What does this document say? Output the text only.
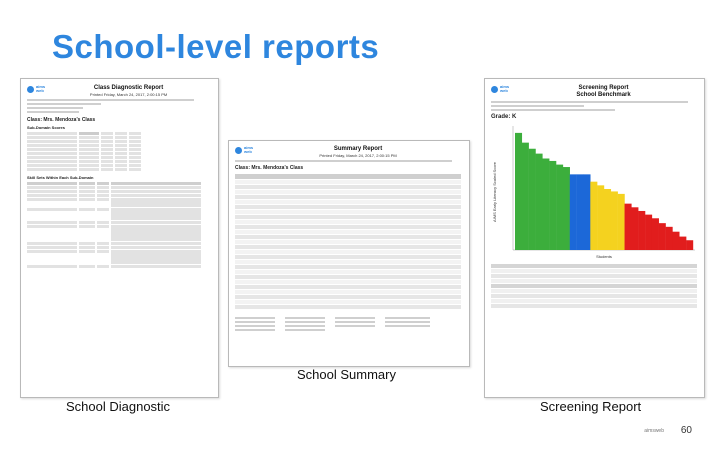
School-level reports
aims
web	Class Diagnostic Report
Printed Friday, March 24, 2017, 2:00:15 PM
Class: Mrs. Mendoza's Class
Sub-Domain Scores
Skill Sets Within Each Sub-Domain
School Diagnostic
aims
web	Summary Report
Printed Friday, March 24, 2017, 2:00:15 PM
Class: Mrs. Mendoza's Class
School Summary
aims
web	Screening Report
School Benchmark
Grade: K
AIMS Early Literacy Scaled Score
Students
Screening Report
aimsweb 60
